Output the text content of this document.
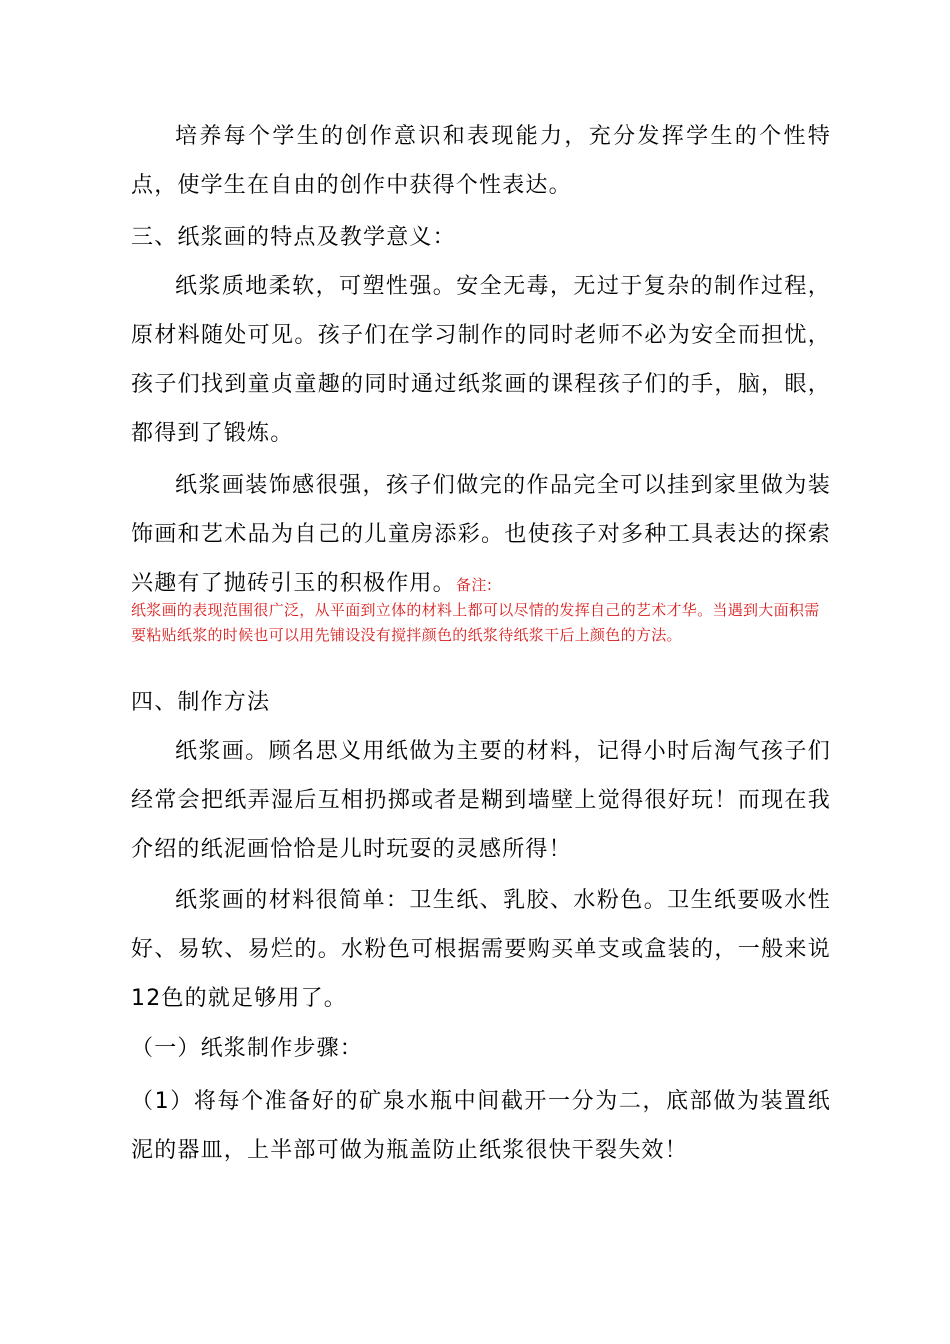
培养每个学生的创作意识和表现能力，充分发挥学生的个性特点，使学生在自由的创作中获得个性表达。

三、纸浆画的特点及教学意义：

纸浆质地柔软，可塑性强。安全无毒，无过于复杂的制作过程，原材料随处可见。孩子们在学习制作的同时老师不必为安全而担忧，孩子们找到童贞童趣的同时通过纸浆画的课程孩子们的手，脑，眼，都得到了锻炼。

纸浆画装饰感很强，孩子们做完的作品完全可以挂到家里做为装饰画和艺术品为自己的儿童房添彩。也使孩子对多种工具表达的探索兴趣有了抛砖引玉的积极作用。备注:

纸浆画的表现范围很广泛，从平面到立体的材料上都可以尽情的发挥自己的艺术才华。当遇到大面积需要粘贴纸浆的时候也可以用先铺设没有搅拌颜色的纸浆待纸浆干后上颜色的方法。

四、制作方法

纸浆画。顾名思义用纸做为主要的材料，记得小时后淘气孩子们经常会把纸弄湿后互相扔掷或者是糊到墙壁上觉得很好玩！而现在我介绍的纸泥画恰恰是儿时玩耍的灵感所得！

纸浆画的材料很简单：卫生纸、乳胶、水粉色。卫生纸要吸水性好、易软、易烂的。水粉色可根据需要购买单支或盒装的，一般来说12色的就足够用了。

（一）纸浆制作步骤：

（1）将每个准备好的矿泉水瓶中间截开一分为二，底部做为装置纸泥的器皿，上半部可做为瓶盖防止纸浆很快干裂失效！
